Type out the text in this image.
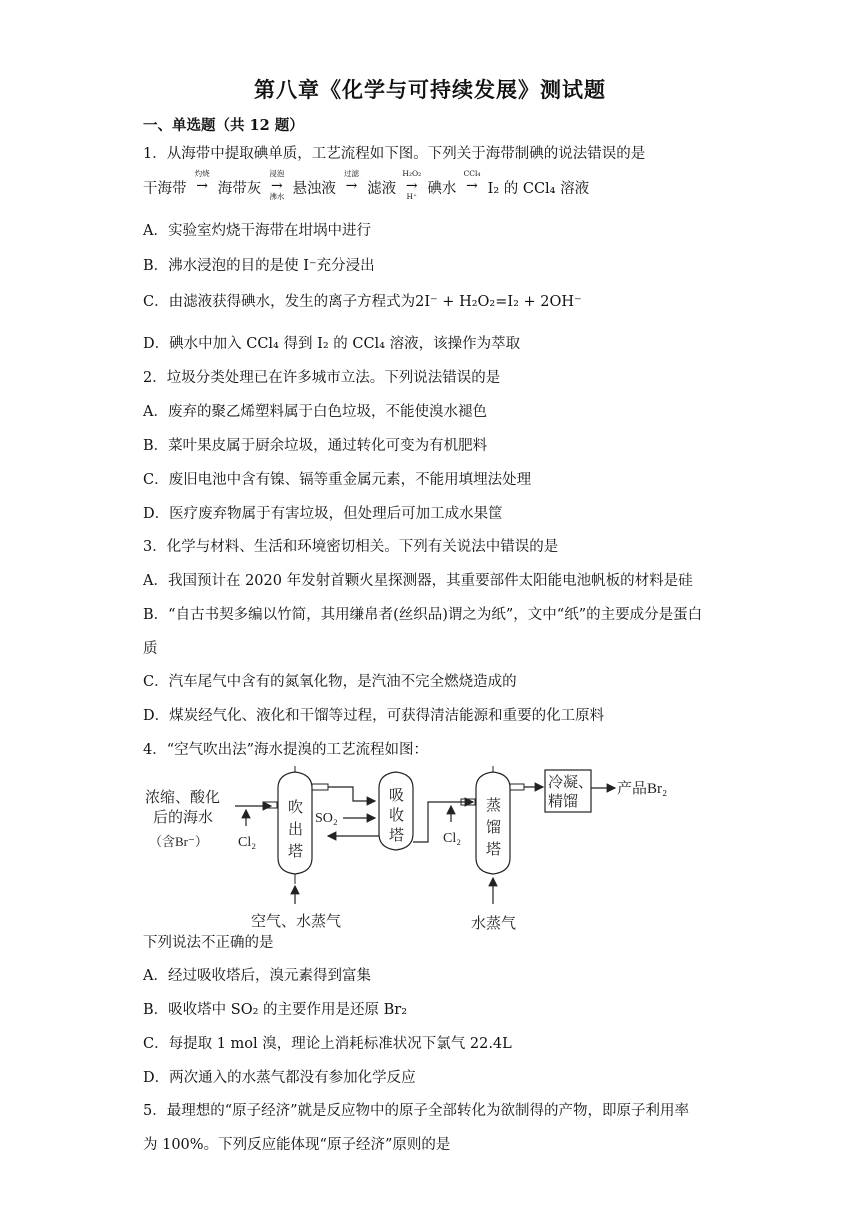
第八章《化学与可持续发展》测试题
一、单选题（共 12 题）
1．从海带中提取碘单质，工艺流程如下图。下列关于海带制碘的说法错误的是
干海带
灼烧
→ 海带灰
浸泡
→
沸水 悬浊液
过滤
→ 滤液
H₂O₂
→
H⁺ 碘水
CCl₄
→ I₂ 的 CCl₄ 溶液
A．实验室灼烧干海带在坩埚中进行
B．沸水浸泡的目的是使 I⁻充分浸出
C．由滤液获得碘水，发生的离子方程式为2I⁻ + H₂O₂=I₂ + 2OH⁻
D．碘水中加入 CCl₄ 得到 I₂ 的 CCl₄ 溶液，该操作为萃取
2．垃圾分类处理已在许多城市立法。下列说法错误的是
A．废弃的聚乙烯塑料属于白色垃圾，不能使溴水褪色
B．菜叶果皮属于厨余垃圾，通过转化可变为有机肥料
C．废旧电池中含有镍、镉等重金属元素，不能用填埋法处理
D．医疗废弃物属于有害垃圾，但处理后可加工成水果筐
3．化学与材料、生活和环境密切相关。下列有关说法中错误的是
A．我国预计在 2020 年发射首颗火星探测器，其重要部件太阳能电池帆板的材料是硅
B．“自古书契多编以竹简，其用缣帛者(丝织品)谓之为纸”，文中“纸”的主要成分是蛋白
质
C．汽车尾气中含有的氮氧化物，是汽油不完全燃烧造成的
D．煤炭经气化、液化和干馏等过程，可获得清洁能源和重要的化工原料
4．“空气吹出法”海水提溴的工艺流程如图：
浓缩、酸化
后的海水
（含Br⁻） Cl₂
吹
出
塔
空气、水蒸气
SO₂
吸
收
塔	Cl₂
蒸
馏
塔
水蒸气
冷凝、
精馏
产品Br₂
下列说法不正确的是
A．经过吸收塔后，溴元素得到富集
B．吸收塔中 SO₂ 的主要作用是还原 Br₂
C．每提取 1 mol 溴，理论上消耗标准状况下氯气 22.4L
D．两次通入的水蒸气都没有参加化学反应
5．最理想的“原子经济”就是反应物中的原子全部转化为欲制得的产物，即原子利用率
为 100%。下列反应能体现“原子经济”原则的是
